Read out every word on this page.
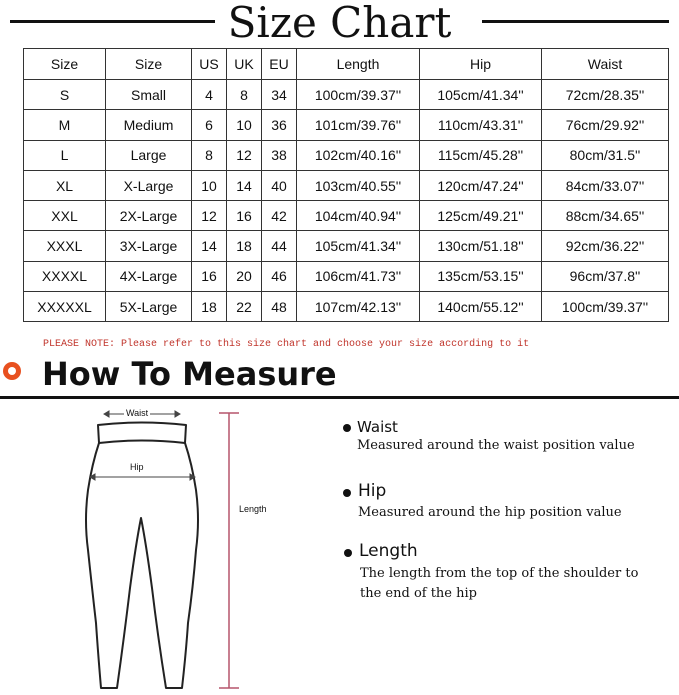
Size Chart
Size	Size	US	UK	EU	Length	Hip	Waist
S	Small	4	8	34	100cm/39.37''	105cm/41.34''	72cm/28.35''
M	Medium	6	10	36	101cm/39.76''	110cm/43.31''	76cm/29.92''
L	Large	8	12	38	102cm/40.16''	115cm/45.28''	80cm/31.5''
XL	X-Large	10	14	40	103cm/40.55''	120cm/47.24''	84cm/33.07''
XXL	2X-Large	12	16	42	104cm/40.94''	125cm/49.21''	88cm/34.65''
XXXL	3X-Large	14	18	44	105cm/41.34''	130cm/51.18''	92cm/36.22''
XXXXL	4X-Large	16	20	46	106cm/41.73''	135cm/53.15''	96cm/37.8''
XXXXXL	5X-Large	18	22	48	107cm/42.13''	140cm/55.12''	100cm/39.37''
PLEASE NOTE: Please refer to this size chart and choose your size according to it
How To Measure
Waist
Hip
Length
Waist
Measured around the waist position value
Hip
Measured around the hip position value
Length
The length from the top of the shoulder to
the end of the hip
